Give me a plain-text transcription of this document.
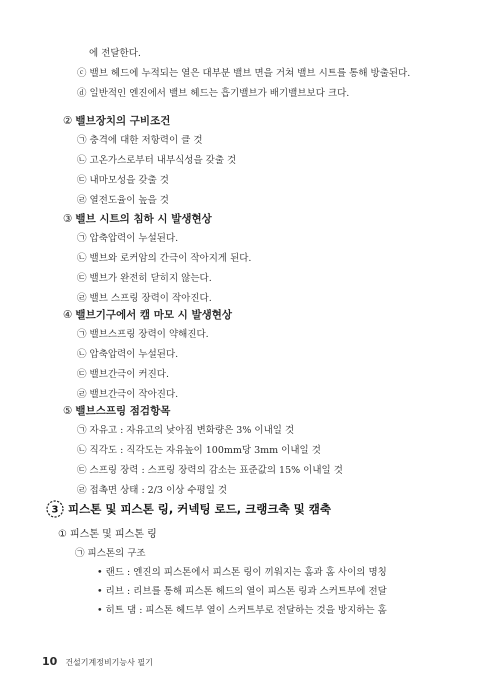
에 전달한다.
ⓒ 밸브 헤드에 누적되는 열은 대부분 밸브 면을 거쳐 밸브 시트를 통해 방출된다.
ⓓ 일반적인 엔진에서 밸브 헤드는 흡기밸브가 배기밸브보다 크다.
② 밸브장치의 구비조건
㉠ 충격에 대한 저항력이 클 것
㉡ 고온가스로부터 내부식성을 갖출 것
㉢ 내마모성을 갖출 것
㉣ 열전도율이 높을 것
③ 밸브 시트의 침하 시 발생현상
㉠ 압축압력이 누설된다.
㉡ 밸브와 로커암의 간극이 작아지게 된다.
㉢ 밸브가 완전히 닫히지 않는다.
㉣ 밸브 스프링 장력이 작아진다.
④ 밸브기구에서 캠 마모 시 발생현상
㉠ 밸브스프링 장력이 약해진다.
㉡ 압축압력이 누설된다.
㉢ 밸브간극이 커진다.
㉣ 밸브간극이 작아진다.
⑤ 밸브스프링 점검항목
㉠ 자유고 : 자유고의 낮아짐 변화량은 3% 이내일 것
㉡ 직각도 : 직각도는 자유높이 100mm당 3mm 이내일 것
㉢ 스프링 장력 : 스프링 장력의 감소는 표준값의 15% 이내일 것
㉣ 접촉면 상태 : 2/3 이상 수평일 것
3 피스톤 및 피스톤 링, 커넥팅 로드, 크랭크축 및 캠축
① 피스톤 및 피스톤 링
㉠ 피스톤의 구조
• 랜드 : 엔진의 피스톤에서 피스톤 링이 끼워지는 홈과 홈 사이의 명칭
• 리브 : 리브를 통해 피스톤 헤드의 열이 피스톤 링과 스커트부에 전달
• 히트 댐 : 피스톤 헤드부 열이 스커트부로 전달하는 것을 방지하는 홈
10 건설기계정비기능사 필기
